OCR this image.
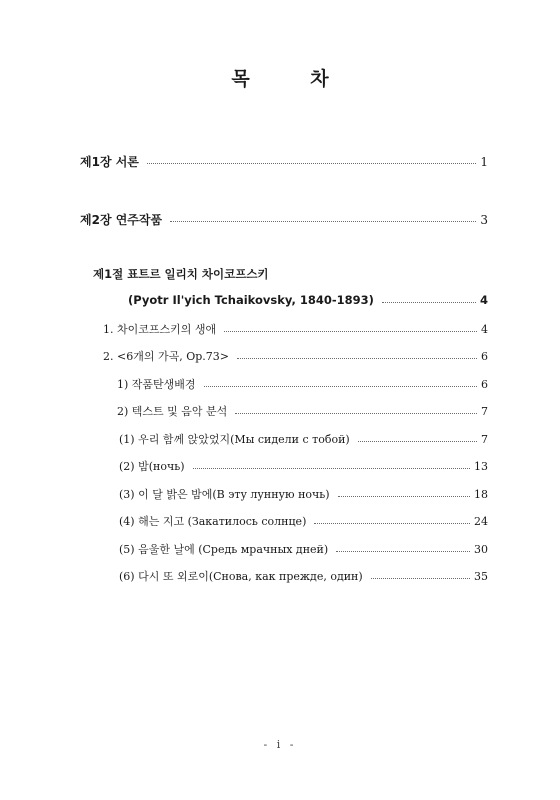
목 차
제1장 서론	1
제2장 연주작품	3
제1절 표트르 일리치 차이코프스키
(Pyotr Il'yich Tchaikovsky, 1840-1893)	4
1. 차이코프스키의 생애	4
2. <6개의 가곡, Op.73>	6
1) 작품탄생배경	6
2) 텍스트 및 음악 분석	7
(1) 우리 함께 앉았었지(Мы сидели с тобой)	7
(2) 밤(ночь)	13
(3) 이 달 밝은 밤에(В эту лунную ночь)	18
(4) 해는 지고 (Закатилось солнце)	24
(5) 음울한 날에 (Средь мрачных дней)	30
(6) 다시 또 외로이(Снова, как прежде, один)	35
- i -
